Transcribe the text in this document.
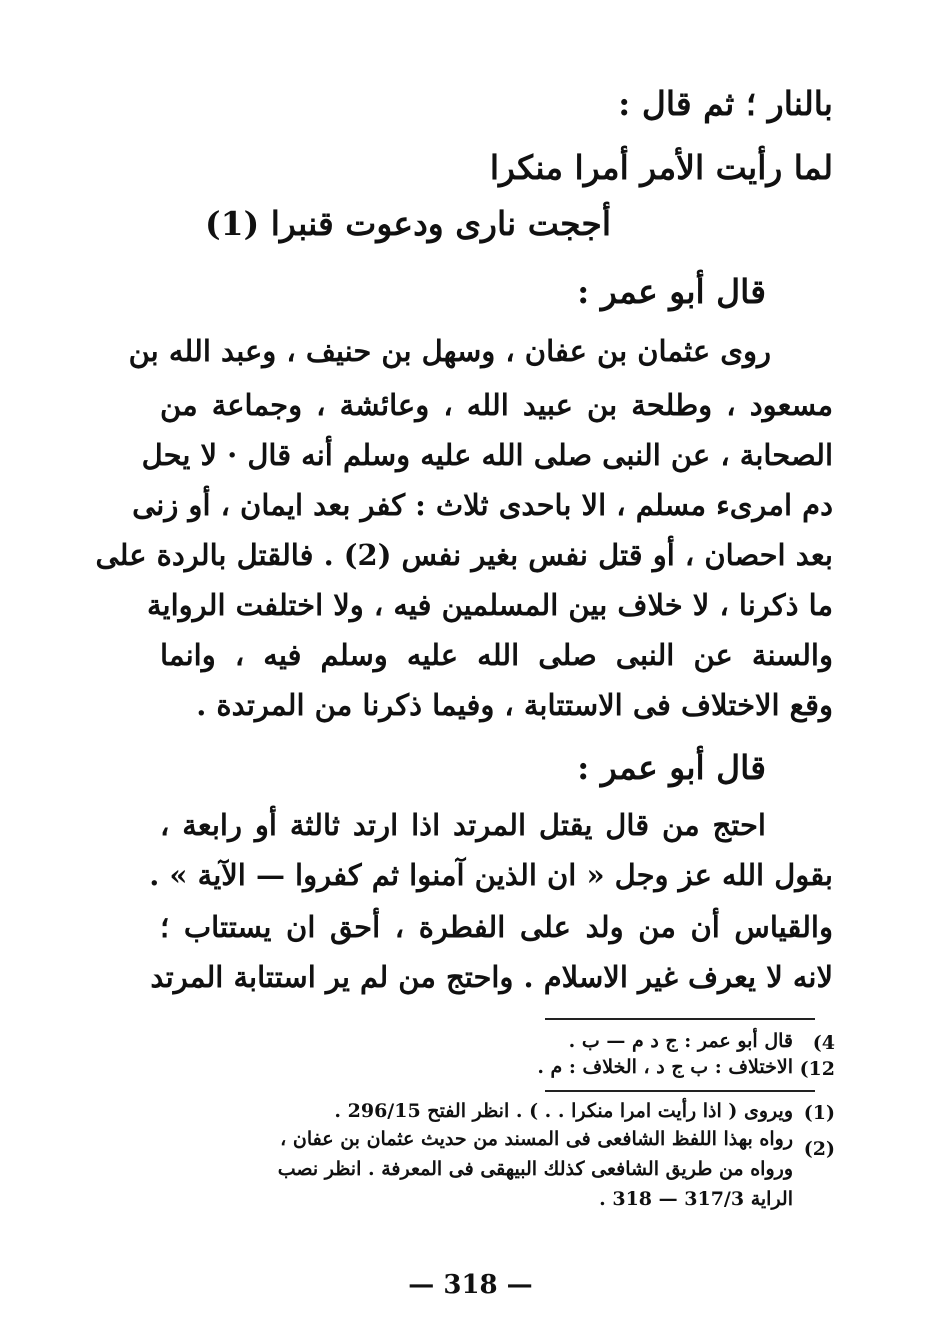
بالنار ؛ ثم قال :
لما رأيت الأمر أمرا منكرا
أججت نارى ودعوت قنبرا (1)
قال أبو عمر :
روى عثمان بن عفان ، وسهل بن حنيف ، وعبد الله بن
مسعود ، وطلحة بن عبيد الله ، وعائشة ، وجماعة من
الصحابة ، عن النبى صلى الله عليه وسلم أنه قال · لا يحل
دم امرىء مسلم ، الا باحدى ثلاث : كفر بعد ايمان ، أو زنى
بعد احصان ، أو قتل نفس بغير نفس (2) . فالقتل بالردة على
ما ذكرنا ، لا خلاف بين المسلمين فيه ، ولا اختلفت الرواية
والسنة عن النبى صلى الله عليه وسلم فيه ، وانما
وقع الاختلاف فى الاستتابة ، وفيما ذكرنا من المرتدة .
قال أبو عمر :
احتج من قال يقتل المرتد اذا ارتد ثالثة أو رابعة ،
بقول الله عز وجل « ان الذين آمنوا ثم كفروا — الآية » .
والقياس أن من ولد على الفطرة ، أحق ان يستتاب ؛
لانه لا يعرف غير الاسلام . واحتج من لم ير استتابة المرتد
(4
قال أبو عمر : ج د م — ب .
(12
الاختلاف : ب ج د ، الخلاف : م .
(1)
ويروى ( اذا رأيت امرا منكرا . . ) . انظر الفتح 296/15 .
(2)
رواه بهذا اللفظ الشافعى فى المسند من حديث عثمان بن عفان ،
ورواه من طريق الشافعى كذلك البيهقى فى المعرفة . انظر نصب
الراية 317/3 — 318 .
— 318 —
